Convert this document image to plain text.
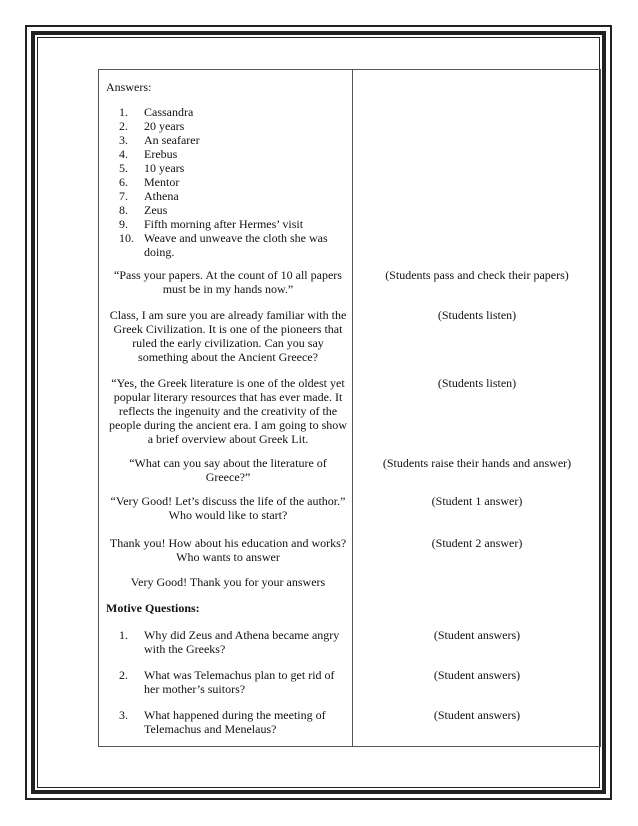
Answers:
1. Cassandra
2. 20 years
3. An seafarer
4. Erebus
5. 10 years
6. Mentor
7. Athena
8. Zeus
9. Fifth morning after Hermes’ visit
10. Weave and unweave the cloth she was doing.
“Pass your papers. At the count of 10 all papers must be in my hands now.”
(Students pass and check their papers)
Class, I am sure you are already familiar with the Greek Civilization. It is one of the pioneers that ruled the early civilization. Can you say something about the Ancient Greece?
(Students listen)
“Yes, the Greek literature is one of the oldest yet popular literary resources that has ever made. It reflects the ingenuity and the creativity of the people during the ancient era. I am going to show a brief overview about Greek Lit.
(Students listen)
“What can you say about the literature of Greece?”
(Students raise their hands and answer)
“Very Good! Let’s discuss the life of the author.” Who would like to start?
(Student 1 answer)
Thank you! How about his education and works? Who wants to answer
(Student 2 answer)
Very Good! Thank you for your answers
Motive Questions:
1. Why did Zeus and Athena became angry with the Greeks?
(Student answers)
2. What was Telemachus plan to get rid of her mother’s suitors?
(Student answers)
3. What happened during the meeting of Telemachus and Menelaus?
(Student answers)
